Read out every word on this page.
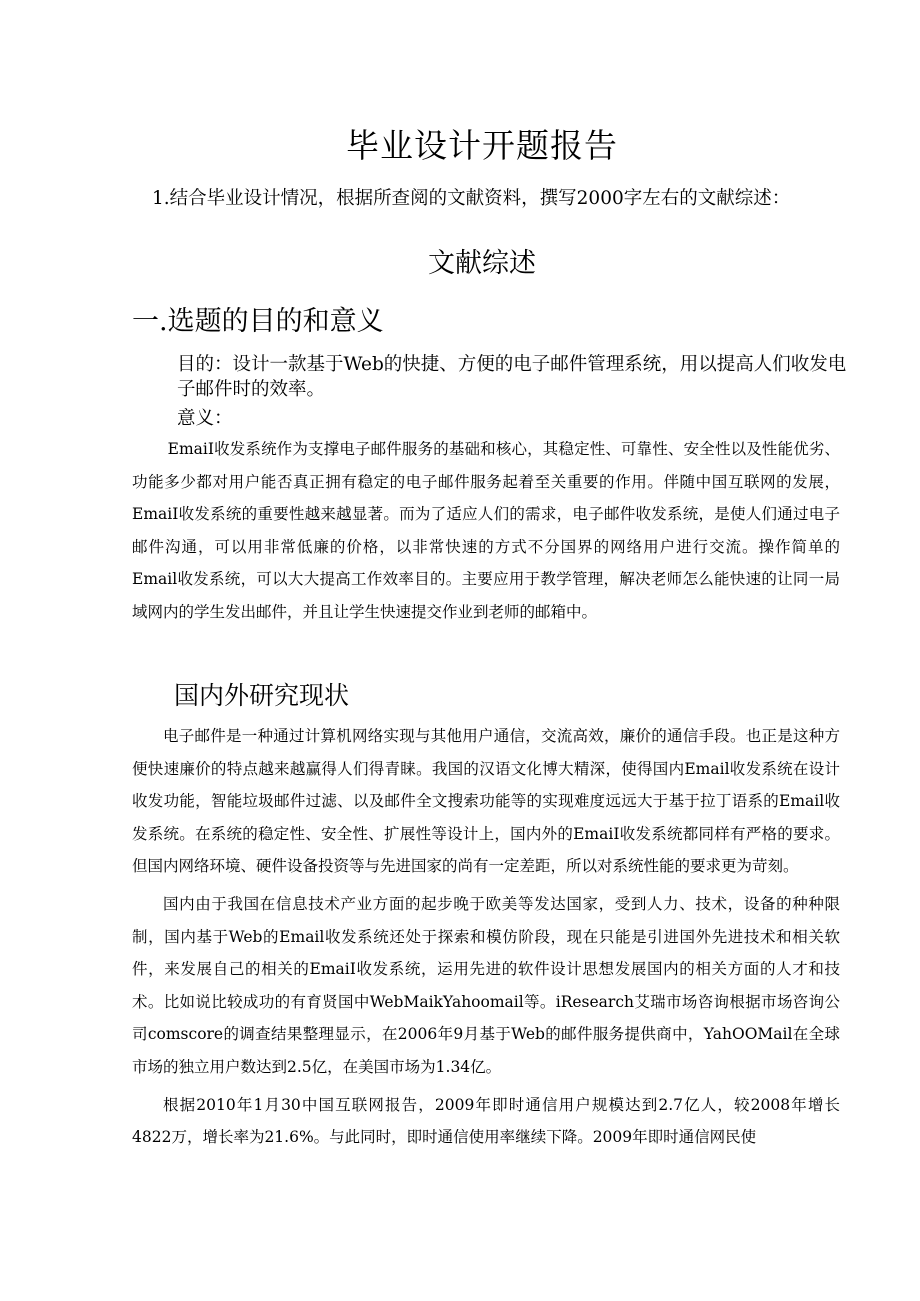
毕业设计开题报告
1.结合毕业设计情况，根据所查阅的文献资料，撰写2000字左右的文献综述：
文献综述
一.选题的目的和意义

目的：设计一款基于Web的快捷、方便的电子邮件管理系统，用以提高人们收发电子邮件时的效率。

意义：

EmaiI收发系统作为支撑电子邮件服务的基础和核心，其稳定性、可靠性、安全性以及性能优劣、功能多少都对用户能否真正拥有稳定的电子邮件服务起着至关重要的作用。伴随中国互联网的发展，EmaiI收发系统的重要性越来越显著。而为了适应人们的需求，电子邮件收发系统，是使人们通过电子邮件沟通，可以用非常低廉的价格，以非常快速的方式不分国界的网络用户进行交流。操作简单的Email收发系统，可以大大提高工作效率目的。主要应用于教学管理，解决老师怎么能快速的让同一局域网内的学生发出邮件，并且让学生快速提交作业到老师的邮箱中。

国内外研究现状

电子邮件是一种通过计算机网络实现与其他用户通信，交流高效，廉价的通信手段。也正是这种方便快速廉价的特点越来越赢得人们得青睐。我国的汉语文化博大精深，使得国内Email收发系统在设计收发功能，智能垃圾邮件过滤、以及邮件全文搜索功能等的实现难度远远大于基于拉丁语系的Email收发系统。在系统的稳定性、安全性、扩展性等设计上，国内外的EmaiI收发系统都同样有严格的要求。但国内网络环境、硬件设备投资等与先进国家的尚有一定差距，所以对系统性能的要求更为苛刻。

国内由于我国在信息技术产业方面的起步晚于欧美等发达国家，受到人力、技术，设备的种种限制，国内基于Web的Email收发系统还处于探索和模仿阶段，现在只能是引进国外先进技术和相关软件，来发展自己的相关的EmaiI收发系统，运用先进的软件设计思想发展国内的相关方面的人才和技术。比如说比较成功的有育贤国中WebMaikYahoomail等。iResearch艾瑞市场咨询根据市场咨询公司comscore的调查结果整理显示，在2006年9月基于Web的邮件服务提供商中，YahOOMail在全球市场的独立用户数达到2.5亿，在美国市场为1.34亿。

根据2010年1月30中国互联网报告，2009年即时通信用户规模达到2.7亿人，较2008年增长4822万，增长率为21.6%。与此同时，即时通信使用率继续下降。2009年即时通信网民使
